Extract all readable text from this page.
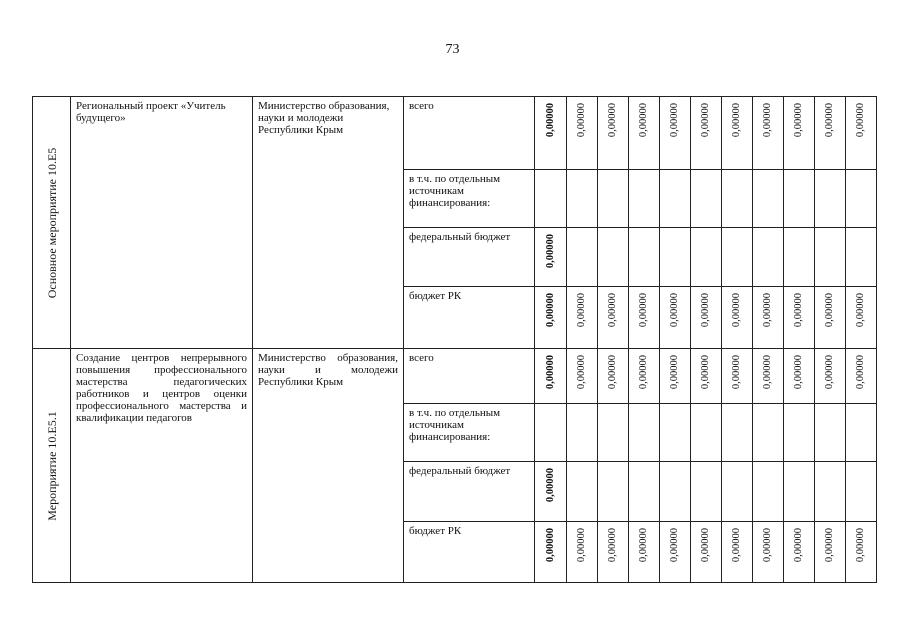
73
Основное мероприятие 10.Е5	Региональный проект «Учитель будущего»	Министерство образования, науки и молодежи Республики Крым	всего	0,00000	0,00000	0,00000	0,00000	0,00000	0,00000	0,00000	0,00000	0,00000	0,00000	0,00000

			в т.ч. по отдельным источникам финансирования:											
			федеральный бюджет	0,00000										

			бюджет РК	0,00000	0,00000	0,00000	0,00000	0,00000	0,00000	0,00000	0,00000	0,00000	0,00000	0,00000

Мероприятие 10.Е5.1	Создание центров непрерывного повышения профессионального мастерства педагогических работников и центров оценки профессионального мастерства и квалификации педагогов	Министерство образования, науки и молодежи Республики Крым	всего	0,00000	0,00000	0,00000	0,00000	0,00000	0,00000	0,00000	0,00000	0,00000	0,00000	0,00000

			в т.ч. по отдельным источникам финансирования:											
			федеральный бюджет	0,00000										

			бюджет РК	0,00000	0,00000	0,00000	0,00000	0,00000	0,00000	0,00000	0,00000	0,00000	0,00000	0,00000
